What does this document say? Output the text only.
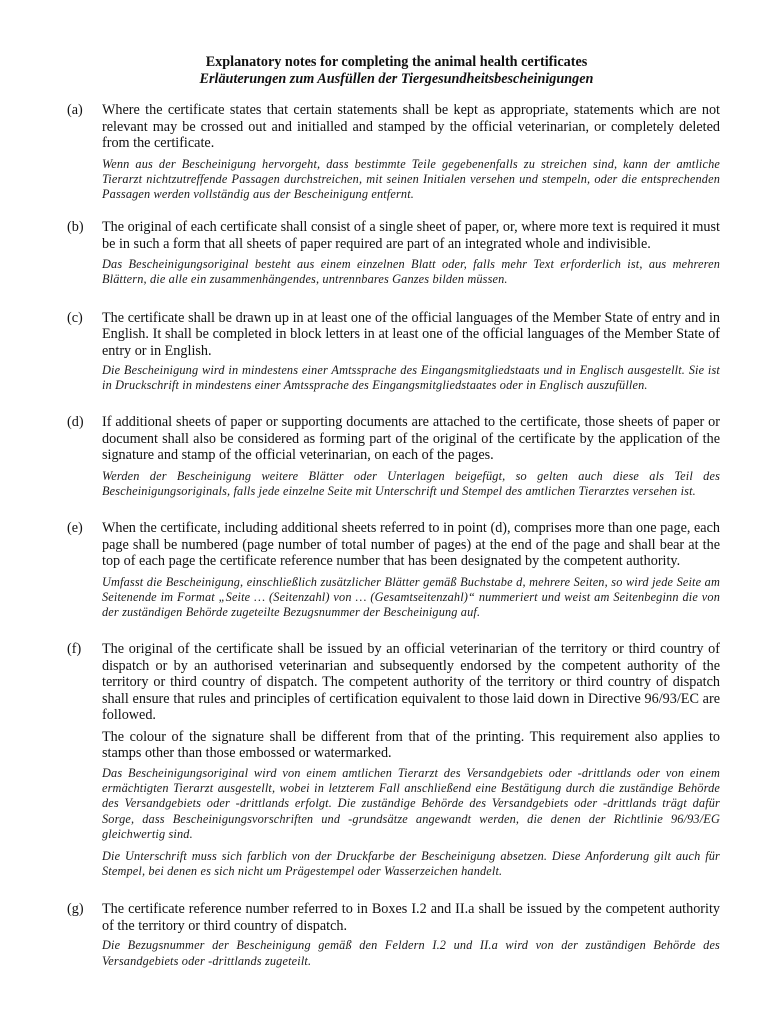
Explanatory notes for completing the animal health certificates
Erläuterungen zum Ausfüllen der Tiergesundheitsbescheinigungen
(a)	Where the certificate states that certain statements shall be kept as appropriate, statements which are not relevant may be crossed out and initialled and stamped by the official veterinarian, or completely deleted from the certificate.

Wenn aus der Bescheinigung hervorgeht, dass bestimmte Teile gegebenenfalls zu streichen sind, kann der amtliche Tierarzt nichtzutreffende Passagen durchstreichen, mit seinen Initialen versehen und stempeln, oder die entsprechenden Passagen werden vollständig aus der Bescheinigung entfernt.

(b)	The original of each certificate shall consist of a single sheet of paper, or, where more text is required it must be in such a form that all sheets of paper required are part of an integrated whole and indivisible.

Das Bescheinigungsoriginal besteht aus einem einzelnen Blatt oder, falls mehr Text erforderlich ist, aus mehreren Blättern, die alle ein zusammenhängendes, untrennbares Ganzes bilden müssen.

(c)	The certificate shall be drawn up in at least one of the official languages of the Member State of entry and in English. It shall be completed in block letters in at least one of the official languages of the Member State of entry or in English.

Die Bescheinigung wird in mindestens einer Amtssprache des Eingangsmitgliedstaats und in Englisch ausgestellt. Sie ist in Druckschrift in mindestens einer Amtssprache des Eingangsmitgliedstaates oder in Englisch auszufüllen.

(d)	If additional sheets of paper or supporting documents are attached to the certificate, those sheets of paper or document shall also be considered as forming part of the original of the certificate by the application of the signature and stamp of the official veterinarian, on each of the pages.

Werden der Bescheinigung weitere Blätter oder Unterlagen beigefügt, so gelten auch diese als Teil des Bescheinigungsoriginals, falls jede einzelne Seite mit Unterschrift und Stempel des amtlichen Tierarztes versehen ist.

(e)	When the certificate, including additional sheets referred to in point (d), comprises more than one page, each page shall be numbered (page number of total number of pages) at the end of the page and shall bear at the top of each page the certificate reference number that has been designated by the competent authority.

Umfasst die Bescheinigung, einschließlich zusätzlicher Blätter gemäß Buchstabe d, mehrere Seiten, so wird jede Seite am Seitenende im Format „Seite … (Seitenzahl) von … (Gesamtseitenzahl)“ nummeriert und weist am Seitenbeginn die von der zuständigen Behörde zugeteilte Bezugsnummer der Bescheinigung auf.

(f)	The original of the certificate shall be issued by an official veterinarian of the territory or third country of dispatch or by an authorised veterinarian and subsequently endorsed by the competent authority of the territory or third country of dispatch. The competent authority of the territory or third country of dispatch shall ensure that rules and principles of certification equivalent to those laid down in Directive 96/93/EC are followed.

The colour of the signature shall be different from that of the printing. This requirement also applies to stamps other than those embossed or watermarked.

Das Bescheinigungsoriginal wird von einem amtlichen Tierarzt des Versandgebiets oder -drittlands oder von einem ermächtigten Tierarzt ausgestellt, wobei in letzterem Fall anschließend eine Bestätigung durch die zuständige Behörde des Versandgebiets oder -drittlands erfolgt. Die zuständige Behörde des Versandgebiets oder -drittlands trägt dafür Sorge, dass Bescheinigungsvorschriften und -grundsätze angewandt werden, die denen der Richtlinie 96/93/EG gleichwertig sind.

Die Unterschrift muss sich farblich von der Druckfarbe der Bescheinigung absetzen. Diese Anforderung gilt auch für Stempel, bei denen es sich nicht um Prägestempel oder Wasserzeichen handelt.

(g)	The certificate reference number referred to in Boxes I.2 and II.a shall be issued by the competent authority of the territory or third country of dispatch.

Die Bezugsnummer der Bescheinigung gemäß den Feldern I.2 und II.a wird von der zuständigen Behörde des Versandgebiets oder -drittlands zugeteilt.
